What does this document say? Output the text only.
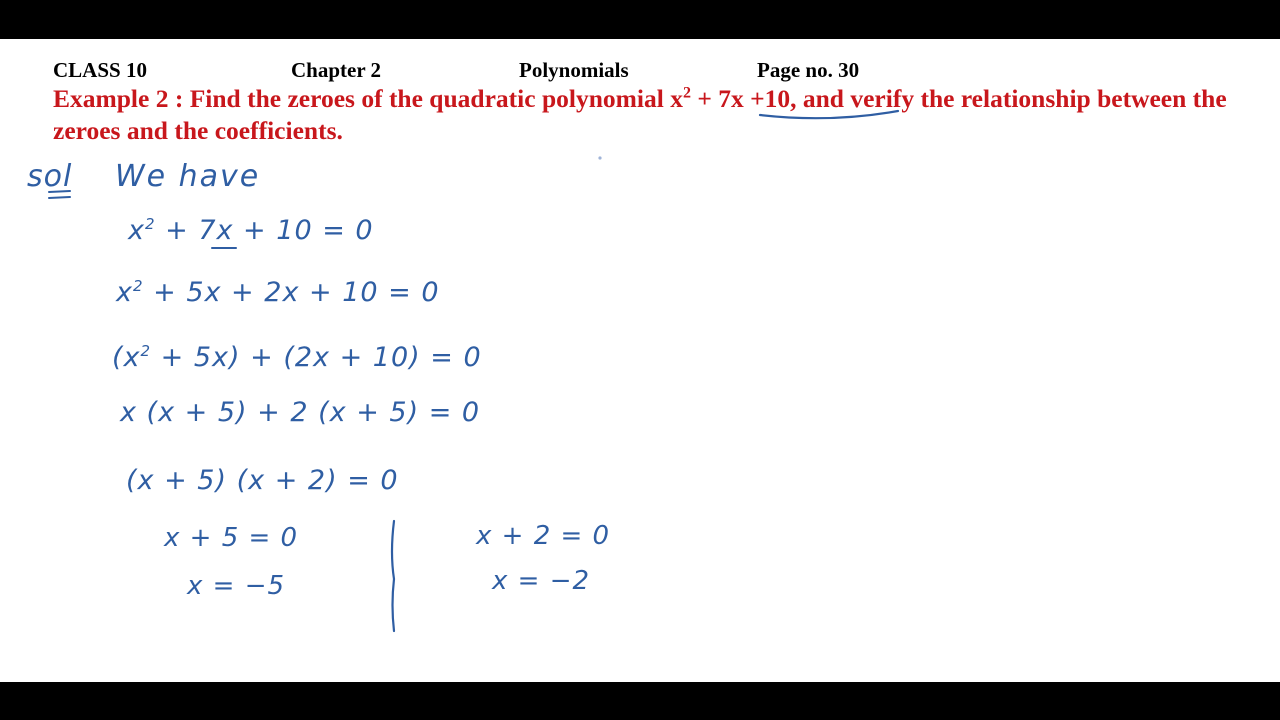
CLASS 10	Chapter 2	Polynomials	Page no. 30
Example 2 : Find the zeroes of the quadratic polynomial $x^2 + 7x +10$, and verify the relationship between the zeroes and the coefficients.
sol We have
$x^2 + 7x + 10 = 0$
$x^2 + 5x + 2x + 10 = 0$
$(x^2 + 5x) + (2x + 10) = 0$
x (x + 5) + 2 (x + 5) = 0
(x + 5) (x + 2) = 0
x + 5 = 0
x = −5
x + 2 = 0
x = −2
